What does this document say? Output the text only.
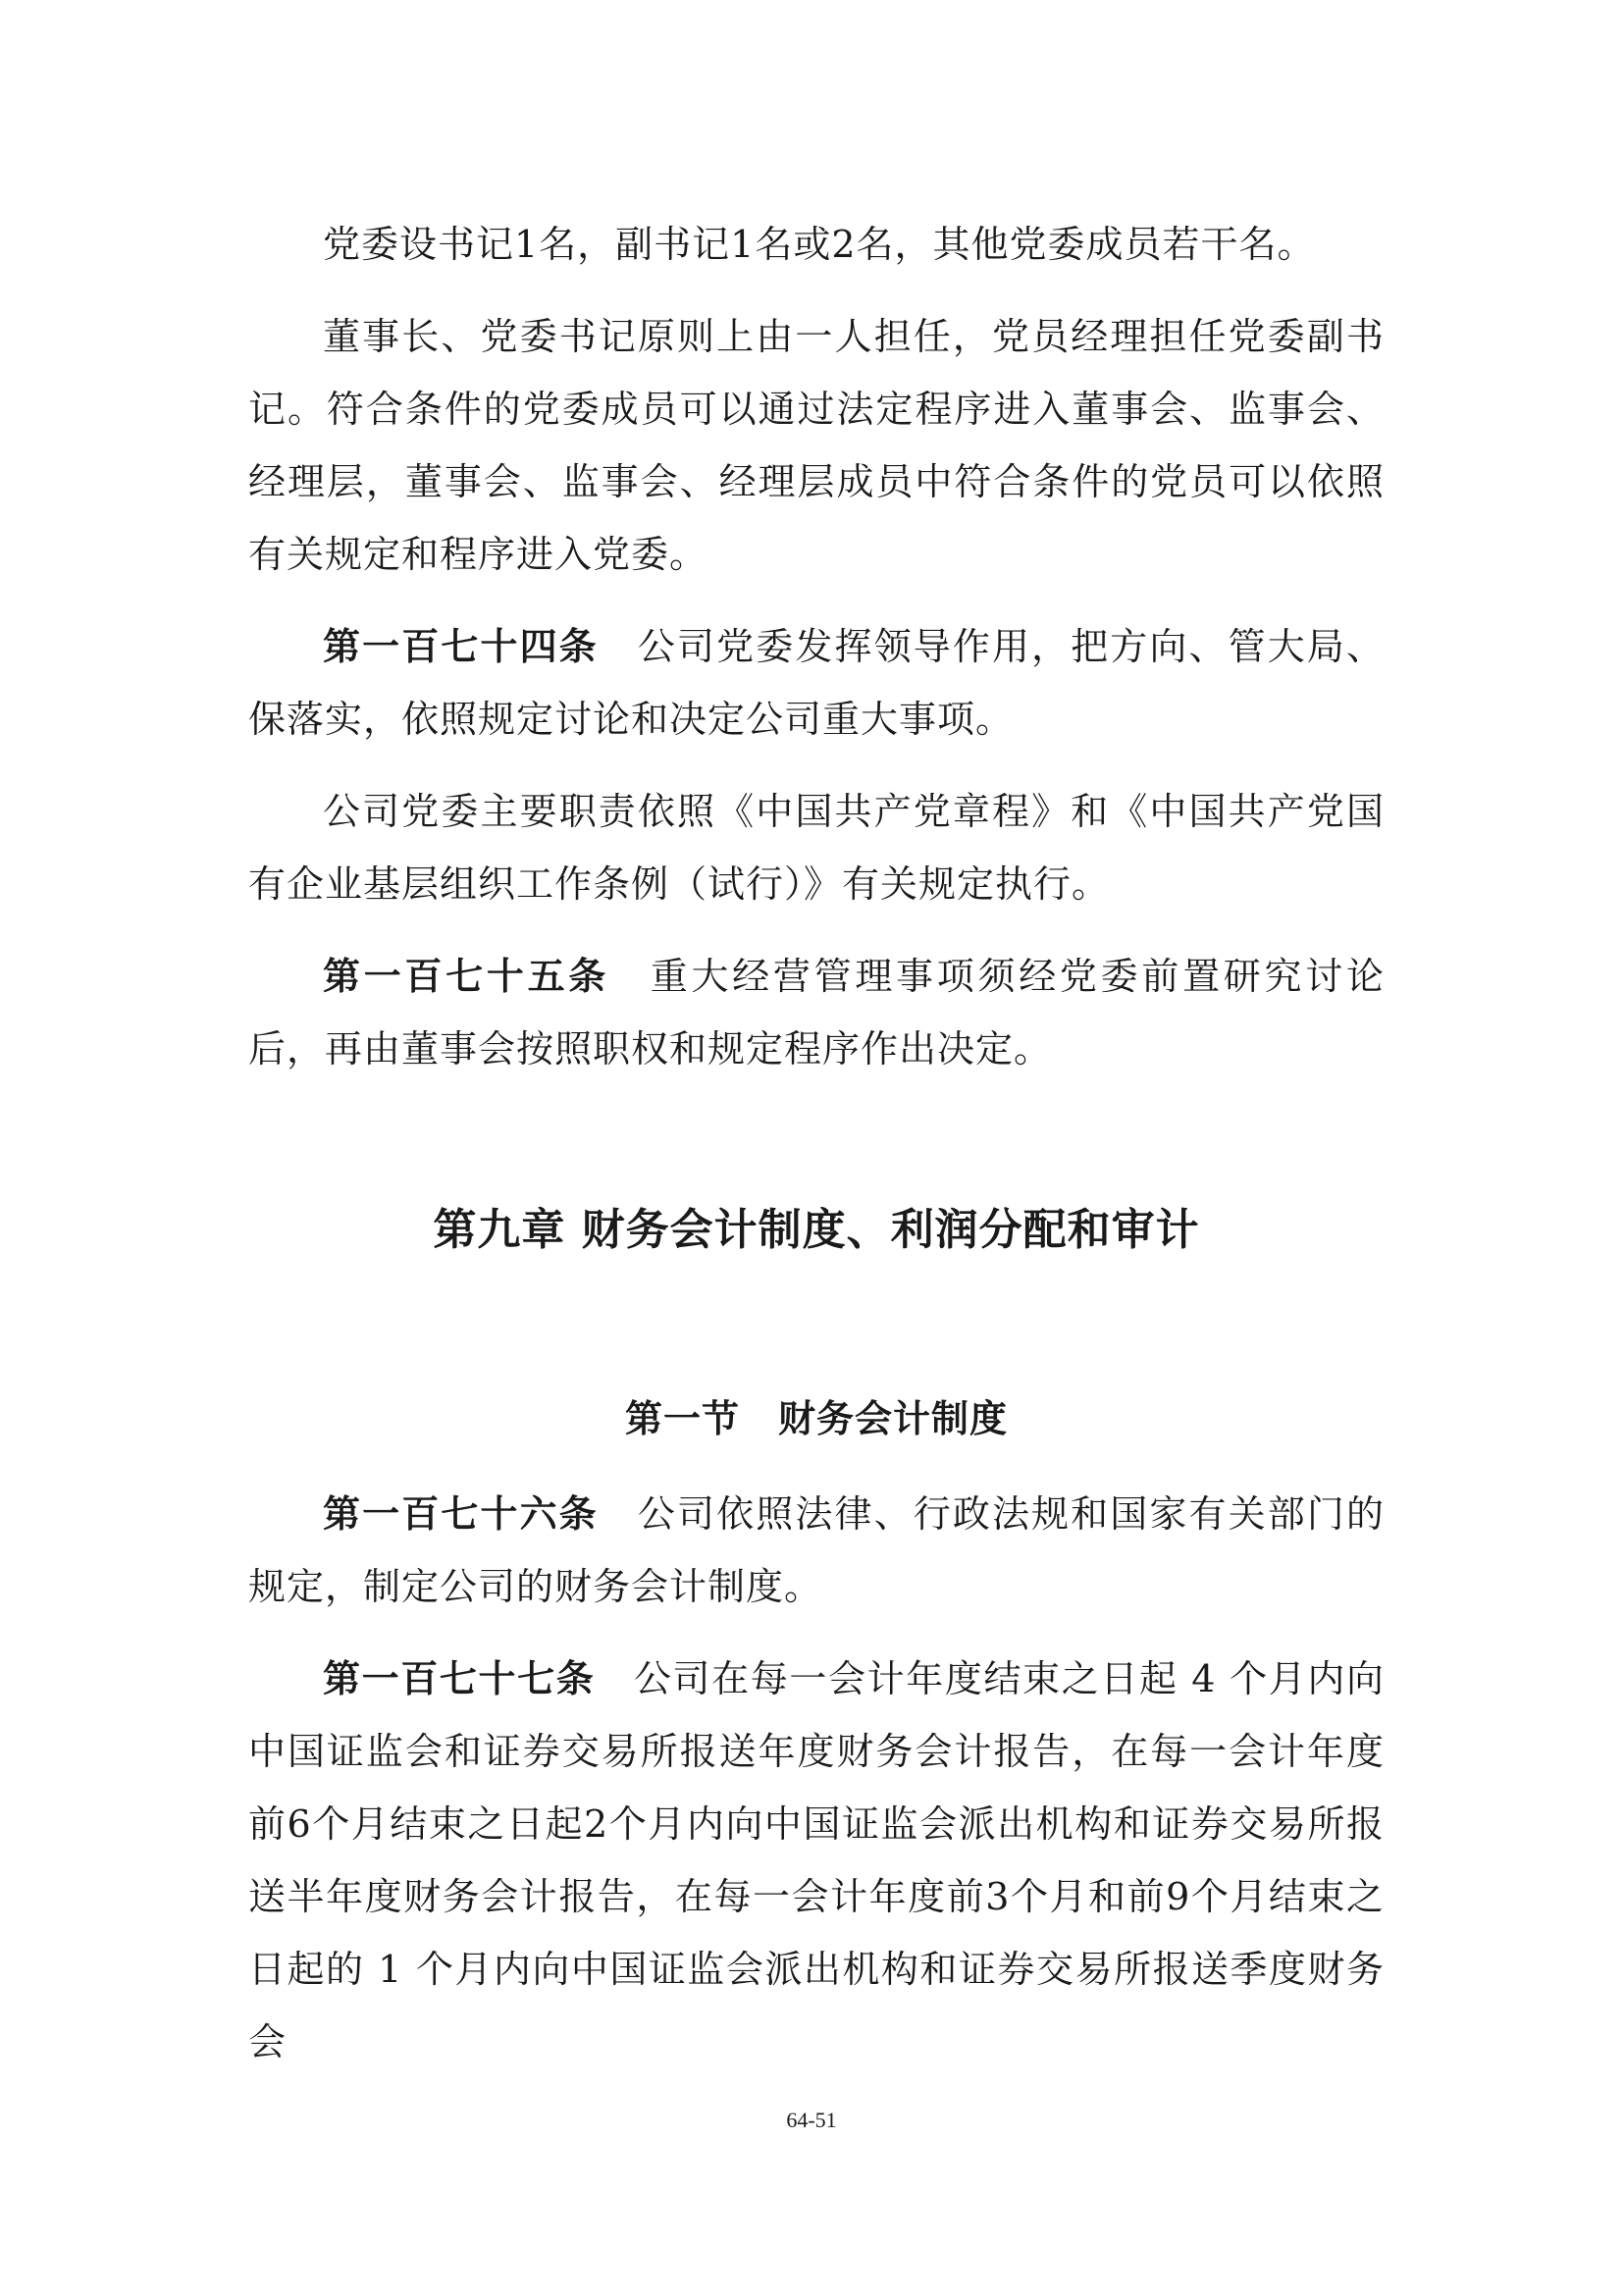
党委设书记1名，副书记1名或2名，其他党委成员若干名。

董事长、党委书记原则上由一人担任，党员经理担任党委副书记。符合条件的党委成员可以通过法定程序进入董事会、监事会、经理层，董事会、监事会、经理层成员中符合条件的党员可以依照有关规定和程序进入党委。

第一百七十四条　 公司党委发挥领导作用，把方向、管大局、保落实，依照规定讨论和决定公司重大事项。

公司党委主要职责依照《中国共产党章程》和《中国共产党国有企业基层组织工作条例（试行）》有关规定执行。

第一百七十五条　 重大经营管理事项须经党委前置研究讨论后，再由董事会按照职权和规定程序作出决定。

第九章 财务会计制度、利润分配和审计

第一节　财务会计制度

第一百七十六条　 公司依照法律、行政法规和国家有关部门的规定，制定公司的财务会计制度。

第一百七十七条　 公司在每一会计年度结束之日起 4 个月内向中国证监会和证券交易所报送年度财务会计报告，在每一会计年度前6个月结束之日起2个月内向中国证监会派出机构和证券交易所报送半年度财务会计报告，在每一会计年度前3个月和前9个月结束之日起的 1 个月内向中国证监会派出机构和证券交易所报送季度财务会

64-51
